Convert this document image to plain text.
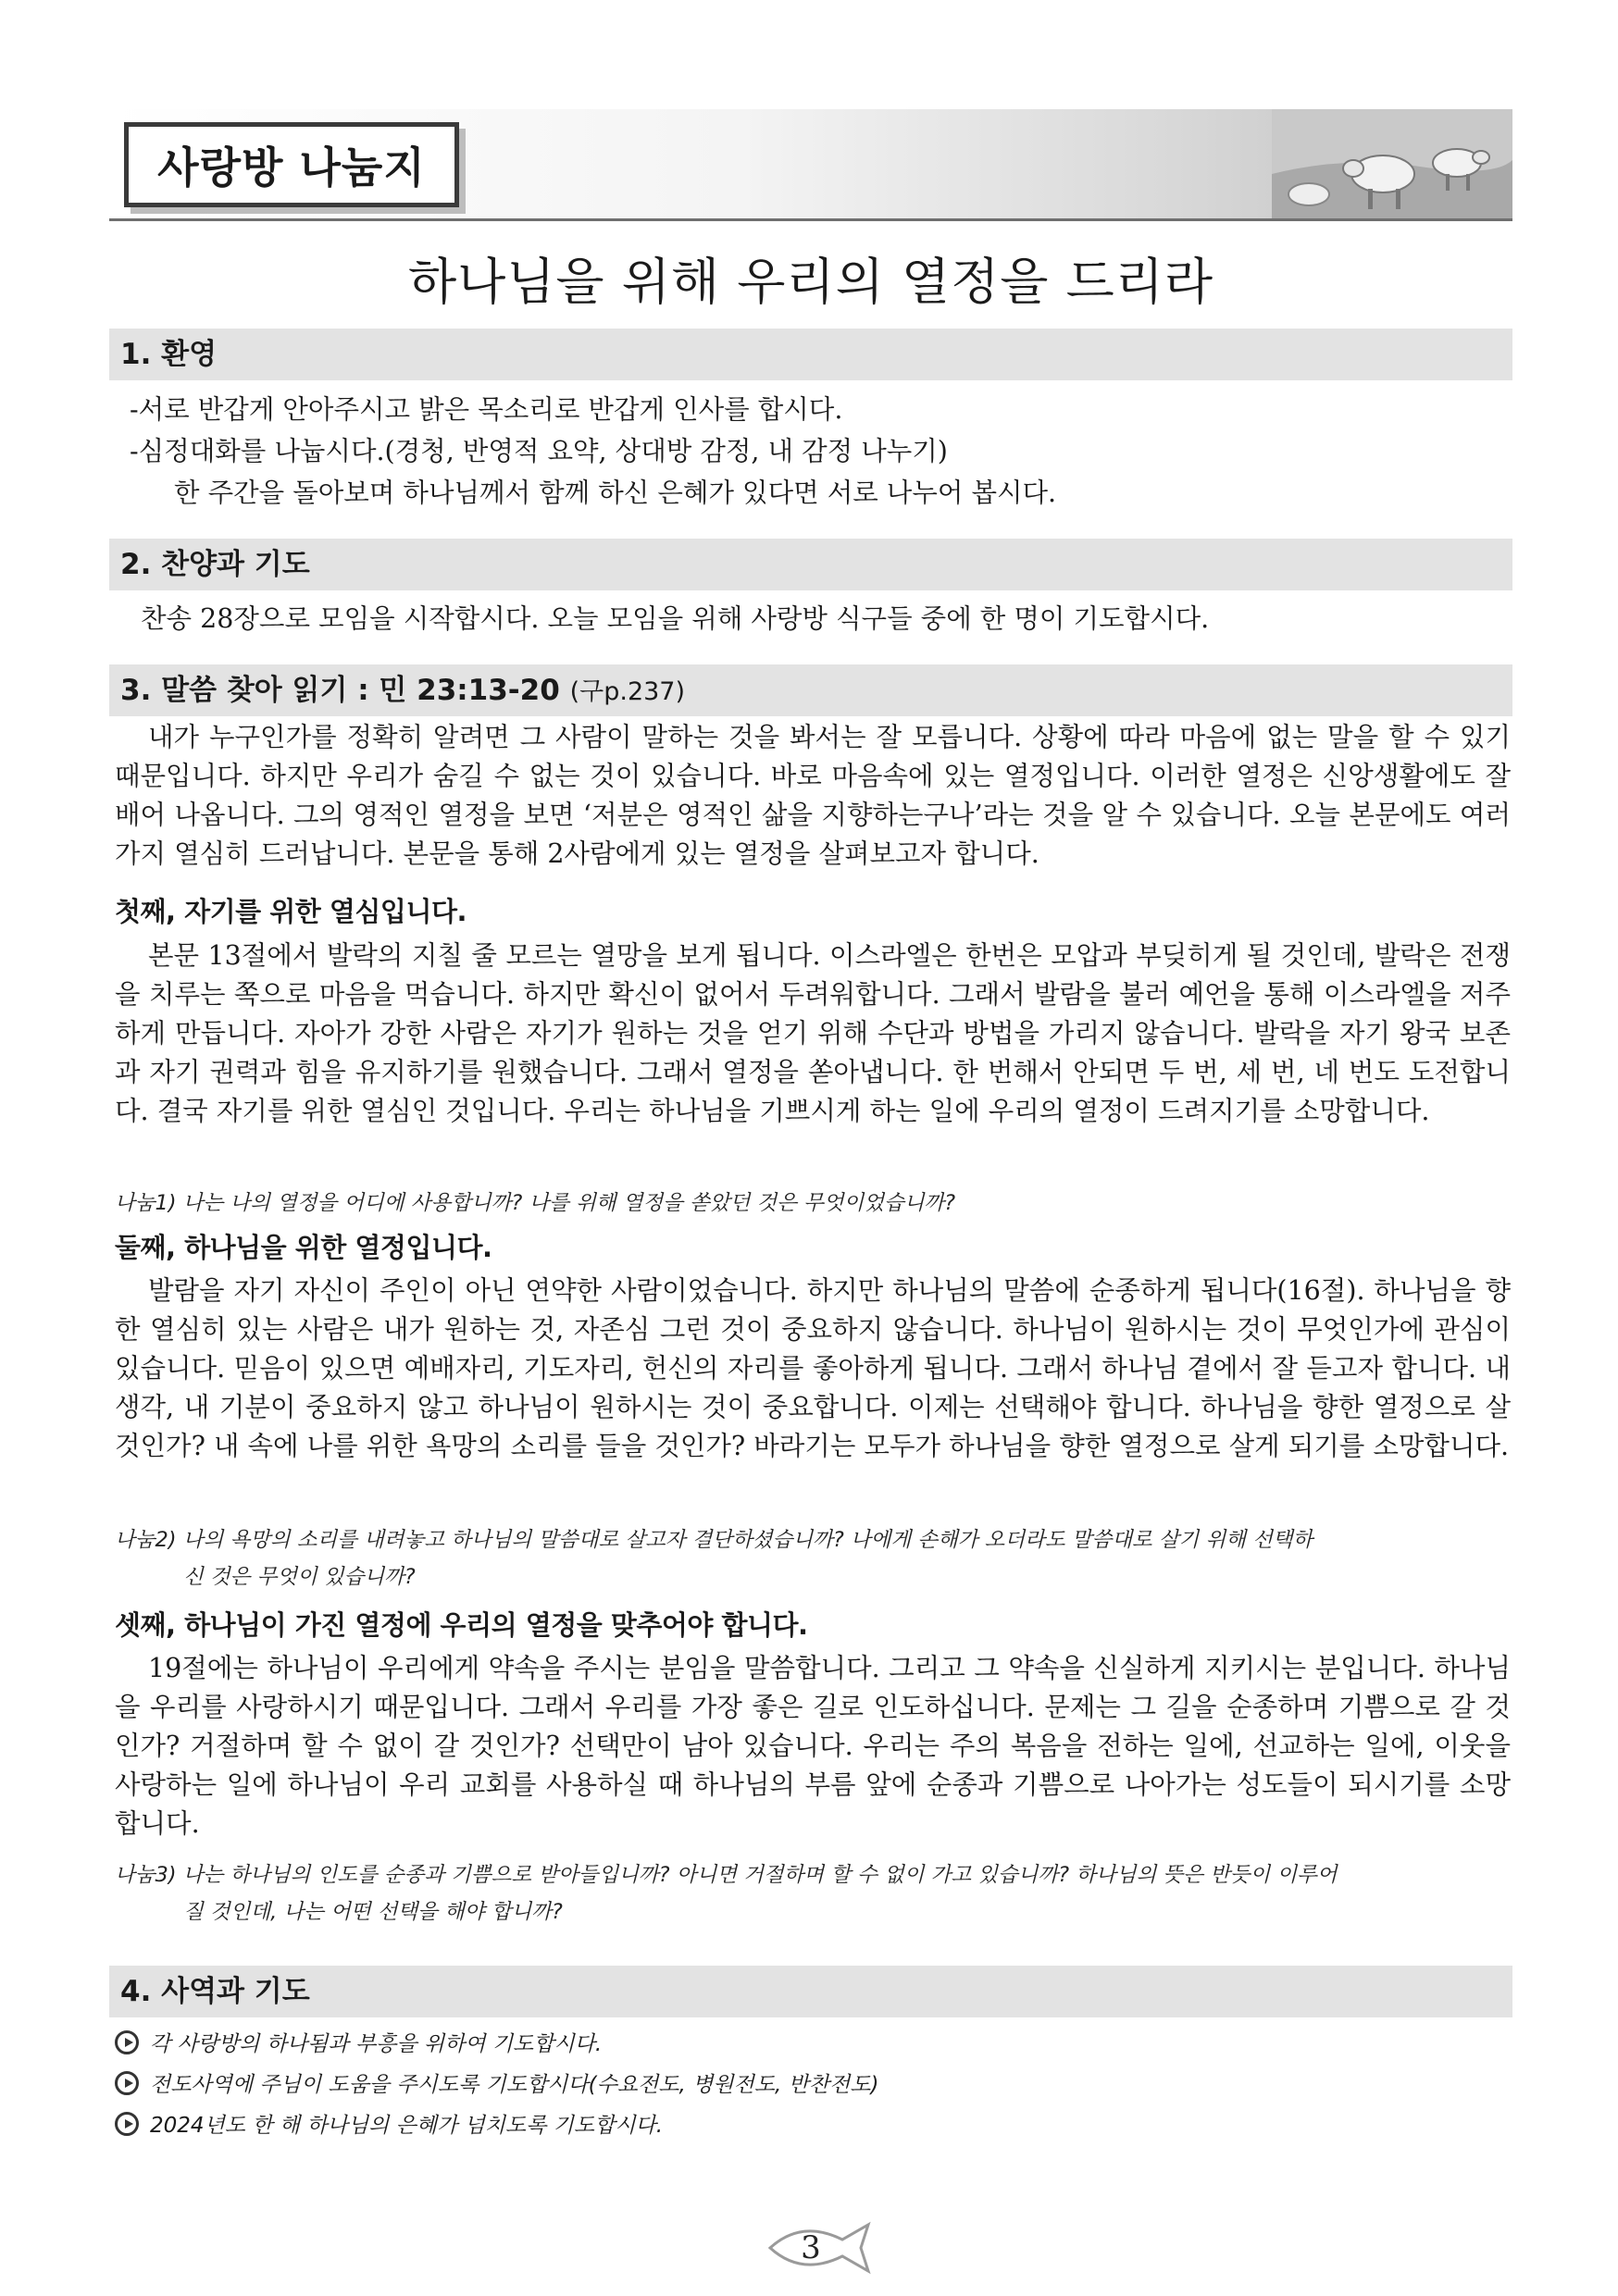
사랑방 나눔지
하나님을 위해 우리의 열정을 드리라
1. 환영
-서로 반갑게 안아주시고 밝은 목소리로 반갑게 인사를 합시다.
-심정대화를 나눕시다.(경청, 반영적 요약, 상대방 감정, 내 감정 나누기)
한 주간을 돌아보며 하나님께서 함께 하신 은혜가 있다면 서로 나누어 봅시다.
2. 찬양과 기도
찬송 28장으로 모임을 시작합시다. 오늘 모임을 위해 사랑방 식구들 중에 한 명이 기도합시다.
3. 말씀 찾아 읽기 : 민 23:13-20 (구p.237)

내가 누구인가를 정확히 알려면 그 사람이 말하는 것을 봐서는 잘 모릅니다. 상황에 따라 마음에 없는 말을 할 수 있기 때문입니다. 하지만 우리가 숨길 수 없는 것이 있습니다. 바로 마음속에 있는 열정입니다. 이러한 열정은 신앙생활에도 잘 배어 나옵니다. 그의 영적인 열정을 보면 ‘저분은 영적인 삶을 지향하는구나’라는 것을 알 수 있습니다. 오늘 본문에도 여러 가지 열심히 드러납니다. 본문을 통해 2사람에게 있는 열정을 살펴보고자 합니다.

첫째, 자기를 위한 열심입니다.

본문 13절에서 발락의 지칠 줄 모르는 열망을 보게 됩니다. 이스라엘은 한번은 모압과 부딪히게 될 것인데, 발락은 전쟁을 치루는 쪽으로 마음을 먹습니다. 하지만 확신이 없어서 두려워합니다. 그래서 발람을 불러 예언을 통해 이스라엘을 저주하게 만듭니다. 자아가 강한 사람은 자기가 원하는 것을 얻기 위해 수단과 방법을 가리지 않습니다. 발락을 자기 왕국 보존과 자기 권력과 힘을 유지하기를 원했습니다. 그래서 열정을 쏟아냅니다. 한 번해서 안되면 두 번, 세 번, 네 번도 도전합니다. 결국 자기를 위한 열심인 것입니다. 우리는 하나님을 기쁘시게 하는 일에 우리의 열정이 드려지기를 소망합니다.

나눔1) 나는 나의 열정을 어디에 사용합니까? 나를 위해 열정을 쏟았던 것은 무엇이었습니까?
둘째, 하나님을 위한 열정입니다.

발람을 자기 자신이 주인이 아닌 연약한 사람이었습니다. 하지만 하나님의 말씀에 순종하게 됩니다(16절). 하나님을 향한 열심히 있는 사람은 내가 원하는 것, 자존심 그런 것이 중요하지 않습니다. 하나님이 원하시는 것이 무엇인가에 관심이 있습니다. 믿음이 있으면 예배자리, 기도자리, 헌신의 자리를 좋아하게 됩니다. 그래서 하나님 곁에서 잘 듣고자 합니다. 내 생각, 내 기분이 중요하지 않고 하나님이 원하시는 것이 중요합니다. 이제는 선택해야 합니다. 하나님을 향한 열정으로 살 것인가? 내 속에 나를 위한 욕망의 소리를 들을 것인가? 바라기는 모두가 하나님을 향한 열정으로 살게 되기를 소망합니다.

나눔2) 나의 욕망의 소리를 내려놓고 하나님의 말씀대로 살고자 결단하셨습니까? 나에게 손해가 오더라도 말씀대로 살기 위해 선택하
신 것은 무엇이 있습니까?
셋째, 하나님이 가진 열정에 우리의 열정을 맞추어야 합니다.

19절에는 하나님이 우리에게 약속을 주시는 분임을 말씀합니다. 그리고 그 약속을 신실하게 지키시는 분입니다. 하나님을 우리를 사랑하시기 때문입니다. 그래서 우리를 가장 좋은 길로 인도하십니다. 문제는 그 길을 순종하며 기쁨으로 갈 것인가? 거절하며 할 수 없이 갈 것인가? 선택만이 남아 있습니다. 우리는 주의 복음을 전하는 일에, 선교하는 일에, 이웃을 사랑하는 일에 하나님이 우리 교회를 사용하실 때 하나님의 부름 앞에 순종과 기쁨으로 나아가는 성도들이 되시기를 소망합니다.

나눔3) 나는 하나님의 인도를 순종과 기쁨으로 받아들입니까? 아니면 거절하며 할 수 없이 가고 있습니까? 하나님의 뜻은 반듯이 이루어
질 것인데, 나는 어떤 선택을 해야 합니까?
4. 사역과 기도
각 사랑방의 하나됨과 부흥을 위하여 기도합시다.
전도사역에 주님이 도움을 주시도록 기도합시다(수요전도, 병원전도, 반찬전도)
2024년도 한 해 하나님의 은혜가 넘치도록 기도합시다.
3
